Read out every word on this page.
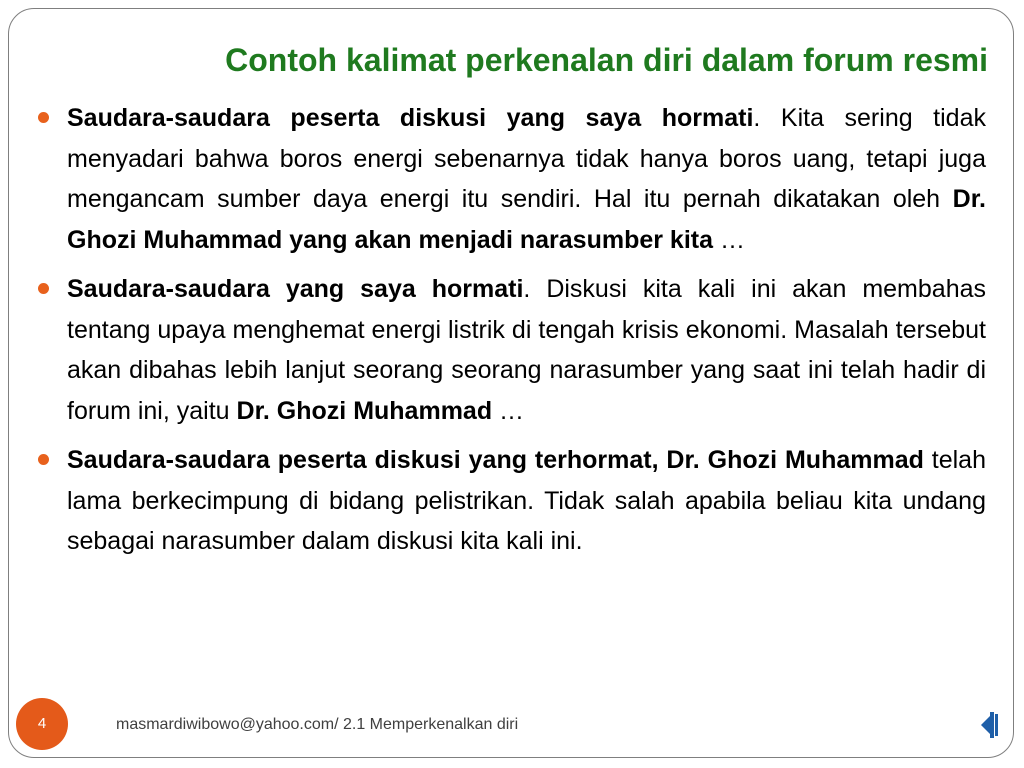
Contoh kalimat perkenalan diri dalam forum resmi
Saudara-saudara peserta diskusi yang saya hormati. Kita sering tidak menyadari bahwa boros energi sebenarnya tidak hanya boros uang, tetapi juga mengancam sumber daya energi itu sendiri. Hal itu pernah dikatakan oleh Dr. Ghozi Muhammad yang akan menjadi narasumber kita …
Saudara-saudara yang saya hormati. Diskusi kita kali ini akan membahas tentang upaya menghemat energi listrik di tengah krisis ekonomi. Masalah tersebut akan dibahas lebih lanjut seorang seorang narasumber yang saat ini telah hadir di forum ini, yaitu Dr. Ghozi Muhammad …
Saudara-saudara peserta diskusi yang terhormat, Dr. Ghozi Muhammad telah lama berkecimpung di bidang pelistrikan. Tidak salah apabila beliau kita undang sebagai narasumber dalam diskusi kita kali ini.
4	masmardiwibowo@yahoo.com/ 2.1 Memperkenalkan diri
